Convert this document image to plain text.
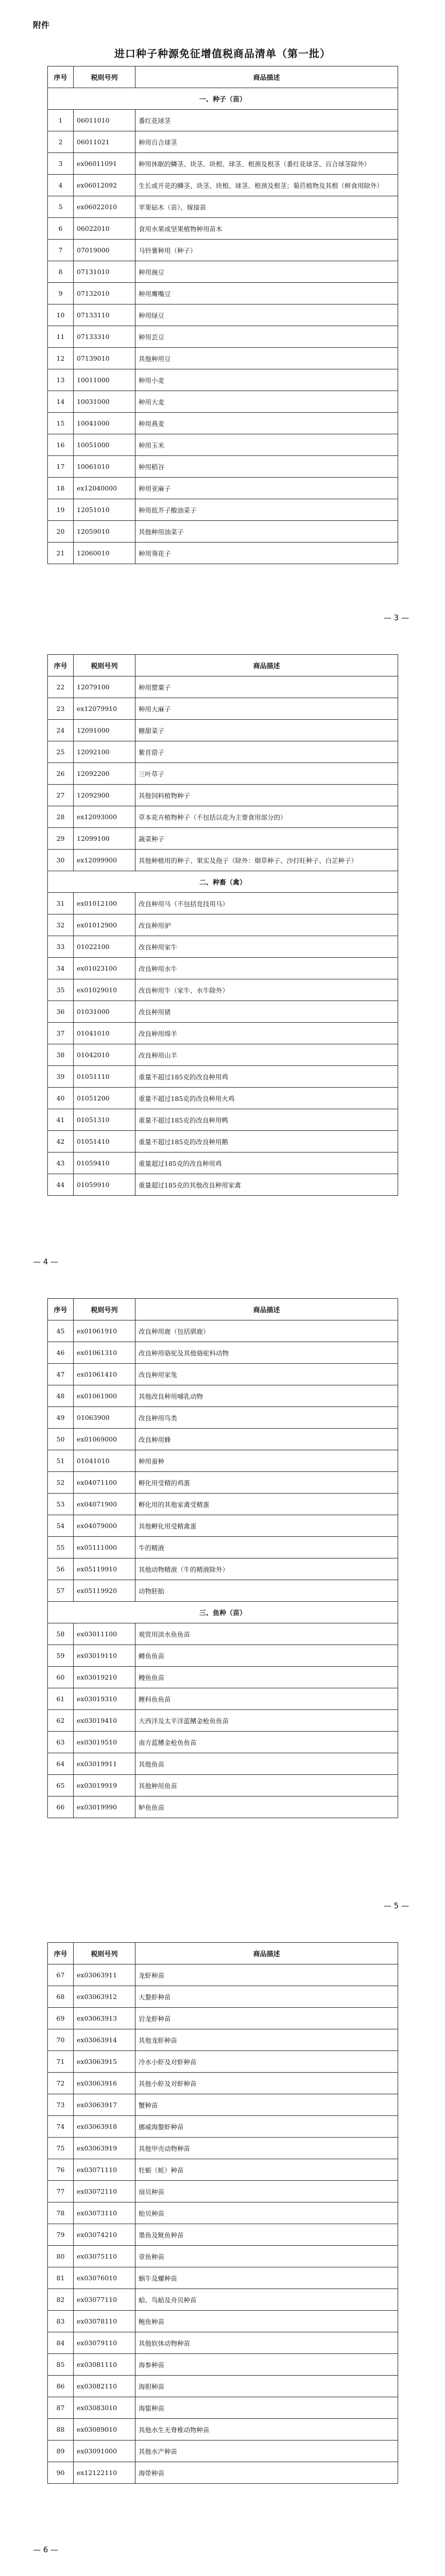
附件
进口种子种源免征增值税商品清单（第一批）
序号	税则号列	商品描述
一、种子（苗）		
1	06011010	番红花球茎
2	06011021	种用百合球茎
3	ex06011091	种用休眠的鳞茎、块茎、块根、球茎、根颈及根茎（番红花球茎、百合球茎除外）
4	ex06012092	生长或开花的鳞茎、块茎、块根、球茎、根颈及根茎；菊苣植物及其根（鲜食用除外）
5	ex06022010	苹果砧木（苗）、嫁接苗
6	06022010	食用水果或坚果植物种用苗木
7	07019000	马铃薯种用（种子）
8	07131010	种用豌豆
9	07132010	种用鹰嘴豆
10	07133110	种用绿豆
11	07133310	种用芸豆
12	07139010	其他种用豆
13	10011000	种用小麦
14	10031000	种用大麦
15	10041000	种用燕麦
16	10051000	种用玉米
17	10061010	种用稻谷
18	ex12040000	种用亚麻子
19	12051010	种用低芥子酸油菜子
20	12059010	其他种用油菜子
21	12060010	种用葵花子
— 3 —
序号	税则号列	商品描述
22	12079100	种用罂粟子
23	ex12079910	种用大麻子
24	12091000	糖甜菜子
25	12092100	紫苜蓿子
26	12092200	三叶草子
27	12092900	其他饲料植物种子
28	ex12093000	草本花卉植物种子（不包括以花为主要食用部分的）
29	12099100	蔬菜种子
30	ex12099900	其他种植用的种子、果实及孢子（除外：烟草种子、沙打旺种子、白芷种子）
二、种畜（禽）		
31	ex01012100	改良种用马（不包括竞技用马）
32	ex01012900	改良种用驴
33	01022100	改良种用家牛
34	ex01023100	改良种用水牛
35	ex01029010	改良种用牛（家牛、水牛除外）
36	01031000	改良种用猪
37	01041010	改良种用绵羊
38	01042010	改良种用山羊
39	01051110	重量不超过185克的改良种用鸡
40	01051200	重量不超过185克的改良种用火鸡
41	01051310	重量不超过185克的改良种用鸭
42	01051410	重量不超过185克的改良种用鹅
43	01059410	重量超过185克的改良种用鸡
44	01059910	重量超过185克的其他改良种用家禽
— 4 —
序号	税则号列	商品描述
45	ex01061910	改良种用鹿（包括驯鹿）
46	ex01061310	改良种用骆驼及其他骆驼科动物
47	ex01061410	改良种用家兔
48	ex01061900	其他改良种用哺乳动物
49	01063900	改良种用鸟类
50	ex01069000	改良种用蜂
51	01041010	种用蚕种
52	ex04071100	孵化用受精的鸡蛋
53	ex04071900	孵化用的其他家禽受精蛋
54	ex04079000	其他孵化用受精禽蛋
55	ex05111000	牛的精液
56	ex05119910	其他动物精液（牛的精液除外）
57	ex05119920	动物胚胎
三、鱼种（苗）		
58	ex03011100	观赏用淡水鱼鱼苗
59	ex03019110	鳟鱼鱼苗
60	ex03019210	鳗鱼鱼苗
61	ex03019310	鲤科鱼鱼苗
62	ex03019410	大西洋及太平洋蓝鳍金枪鱼鱼苗
63	ex03019510	南方蓝鳍金枪鱼鱼苗
64	ex03019911	其他鱼苗
65	ex03019919	其他种用鱼苗
66	ex03019990	鲈鱼鱼苗
— 5 —
序号	税则号列	商品描述
67	ex03063911	龙虾种苗
68	ex03063912	大螯虾种苗
69	ex03063913	岩龙虾种苗
70	ex03063914	其他龙虾种苗
71	ex03063915	冷水小虾及对虾种苗
72	ex03063916	其他小虾及对虾种苗
73	ex03063917	蟹种苗
74	ex03063918	挪威海螯虾种苗
75	ex03063919	其他甲壳动物种苗
76	ex03071110	牡蛎（蚝）种苗
77	ex03072110	扇贝种苗
78	ex03073110	贻贝种苗
79	ex03074210	墨鱼及鱿鱼种苗
80	ex03075110	章鱼种苗
81	ex03076010	蜗牛及螺种苗
82	ex03077110	蛤、鸟蛤及舟贝种苗
83	ex03078110	鲍鱼种苗
84	ex03079110	其他软体动物种苗
85	ex03081110	海参种苗
86	ex03082110	海胆种苗
87	ex03083010	海蜇种苗
88	ex03089010	其他水生无脊椎动物种苗
89	ex03091000	其他水产种苗
90	ex12122110	海带种苗
— 6 —
